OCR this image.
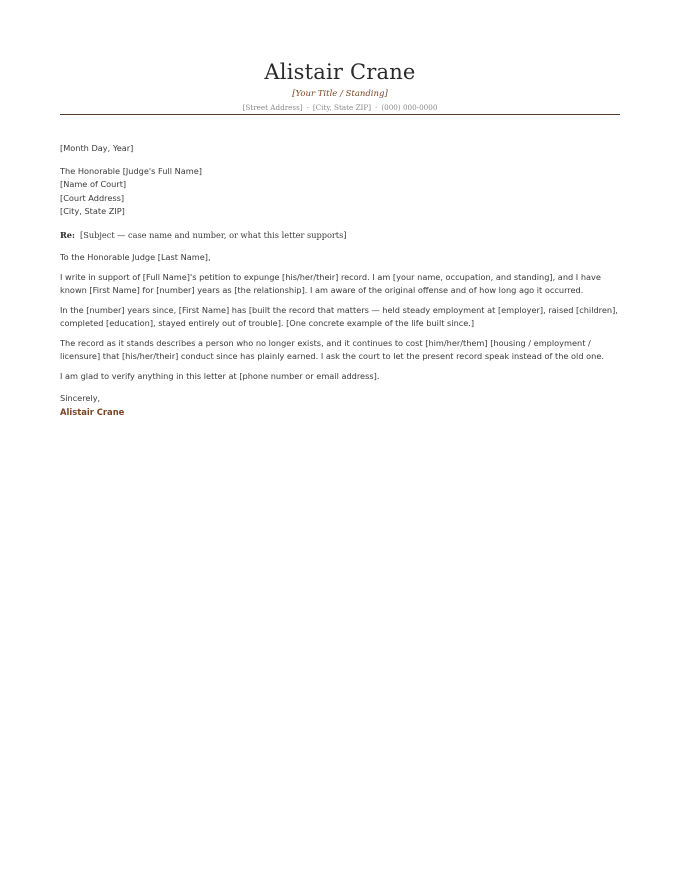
Alistair Crane
[Your Title / Standing]
[Street Address] · [City, State ZIP] · (000) 000-0000
[Month Day, Year]
The Honorable [Judge's Full Name]
[Name of Court]
[Court Address]
[City, State ZIP]
Re: [Subject — case name and number, or what this letter supports]
To the Honorable Judge [Last Name],

I write in support of [Full Name]'s petition to expunge [his/her/their] record. I am [your name, occupation, and standing], and I have known [First Name] for [number] years as [the relationship]. I am aware of the original offense and of how long ago it occurred.

In the [number] years since, [First Name] has [built the record that matters — held steady employment at [employer], raised [children], completed [education], stayed entirely out of trouble]. [One concrete example of the life built since.]

The record as it stands describes a person who no longer exists, and it continues to cost [him/her/them] [housing / employment / licensure] that [his/her/their] conduct since has plainly earned. I ask the court to let the present record speak instead of the old one.

I am glad to verify anything in this letter at [phone number or email address].

Sincerely,
Alistair Crane
